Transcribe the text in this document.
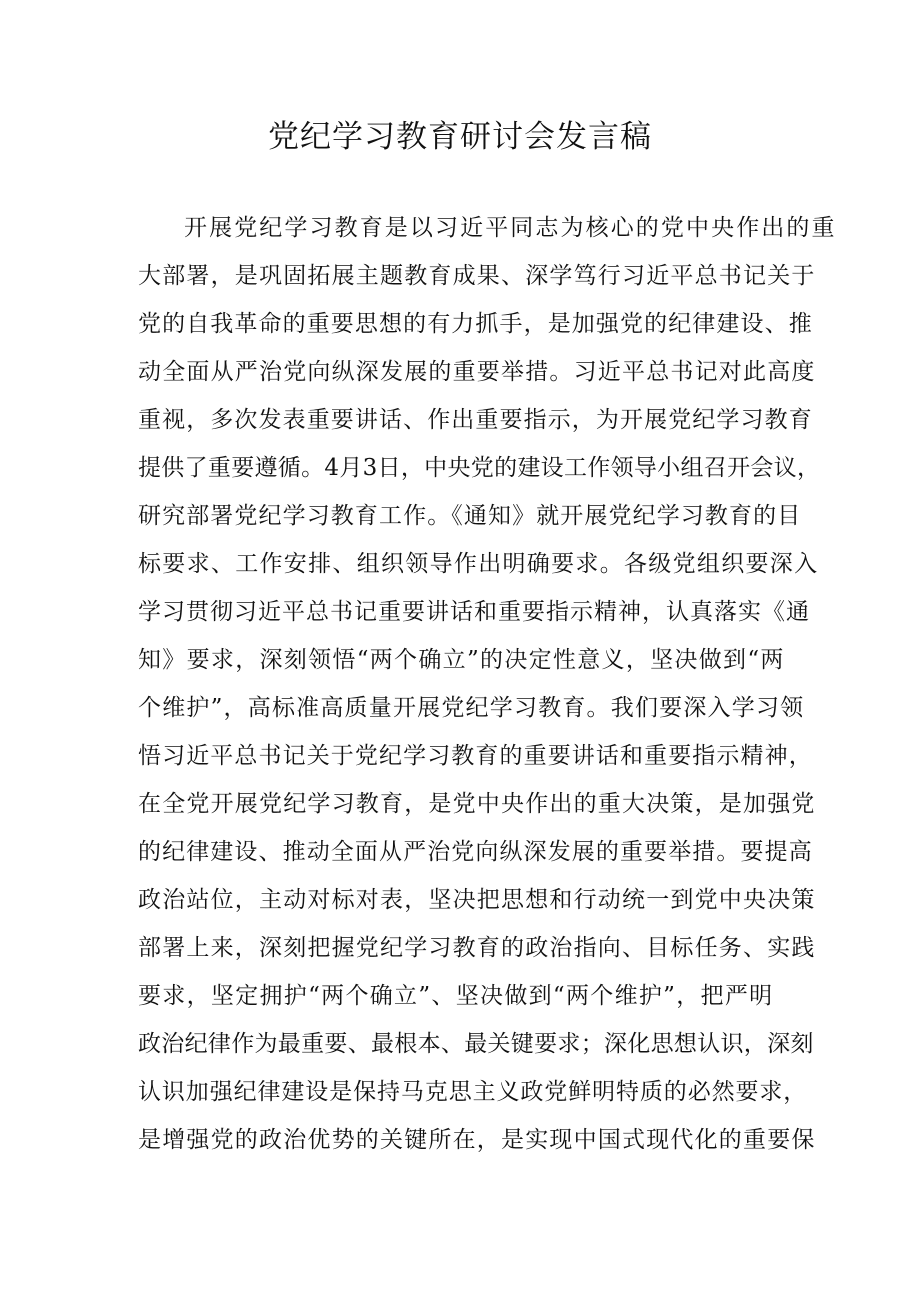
党纪学习教育研讨会发言稿
开展党纪学习教育是以习近平同志为核心的党中央作出的重
大部署，是巩固拓展主题教育成果、深学笃行习近平总书记关于
党的自我革命的重要思想的有力抓手，是加强党的纪律建设、推
动全面从严治党向纵深发展的重要举措。习近平总书记对此高度
重视，多次发表重要讲话、作出重要指示，为开展党纪学习教育
提供了重要遵循。4月3日，中央党的建设工作领导小组召开会议，
研究部署党纪学习教育工作。《通知》就开展党纪学习教育的目
标要求、工作安排、组织领导作出明确要求。各级党组织要深入
学习贯彻习近平总书记重要讲话和重要指示精神，认真落实《通
知》要求，深刻领悟“两个确立”的决定性意义，坚决做到“两
个维护”，高标准高质量开展党纪学习教育。我们要深入学习领
悟习近平总书记关于党纪学习教育的重要讲话和重要指示精神，
在全党开展党纪学习教育，是党中央作出的重大决策，是加强党
的纪律建设、推动全面从严治党向纵深发展的重要举措。要提高
政治站位，主动对标对表，坚决把思想和行动统一到党中央决策
部署上来，深刻把握党纪学习教育的政治指向、目标任务、实践
要求，坚定拥护“两个确立”、坚决做到“两个维护”，把严明
政治纪律作为最重要、最根本、最关键要求；深化思想认识，深刻
认识加强纪律建设是保持马克思主义政党鲜明特质的必然要求，
是增强党的政治优势的关键所在，是实现中国式现代化的重要保
